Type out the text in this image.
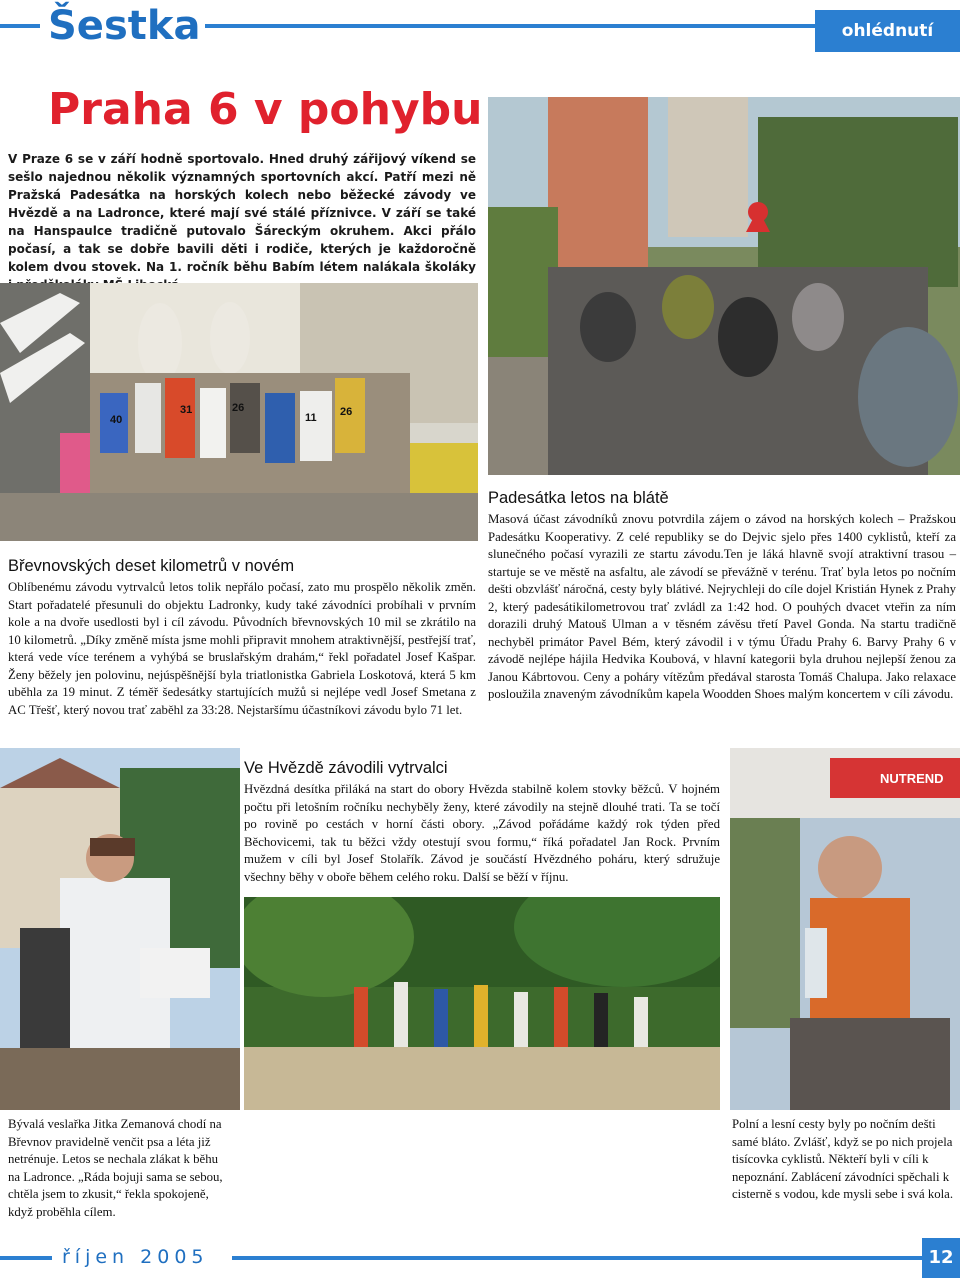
Šestka	ohlédnutí
Praha 6 v pohybu
V Praze 6 se v září hodně sportovalo. Hned druhý zářijový víkend se sešlo najednou několik významných sportovních akcí. Patří mezi ně Pražská Padesátka na horských kolech nebo běžecké závody ve Hvězdě a na Ladronce, které mají své stálé příznivce. V září se také na Hanspaulce tradičně putovalo Šáreckým okruhem. Akci přálo počasí, a tak se dobře bavili děti i rodiče, kterých je každoročně kolem dvou stovek. Na 1. ročník běhu Babím létem nalákala školáky
40
31	26
11 26
Břevnovských deset kilometrů v novém

Oblíbenému závodu vytrvalců letos tolik nepřálo počasí, zato mu prospělo několik změn. Start pořadatelé přesunuli do objektu Ladronky, kudy také závodníci probíhali v prvním kole a na dvoře usedlosti byl i cíl závodu. Původních břevnovských 10 mil se zkrátilo na 10 kilometrů. „Díky změně místa jsme mohli připravit mnohem atraktivnější, pestřejší trať, která vede více terénem a vyhýbá se bruslařským drahám,“ řekl pořadatel Josef Kašpar. Ženy běžely jen polovinu, nejúspěšnější byla triatlonistka Gabriela Loskotová, která 5 km uběhla za 19 minut. Z téměř šedesátky startujících mužů si nejlépe vedl Josef Smetana z AC Třešť, který novou trať zaběhl za 33:28. Nejstaršímu účastníkovi závodu bylo 71 let.

Padesátka letos na blátě

Masová účast závodníků znovu potvrdila zájem o závod na horských kolech – Pražskou Padesátku Kooperativy. Z celé republiky se do Dejvic sjelo přes 1400 cyklistů, kteří za slunečného počasí vyrazili ze startu závodu.Ten je láká hlavně svojí atraktivní trasou – startuje se ve městě na asfaltu, ale závodí se převážně v terénu. Trať byla letos po nočním dešti obzvlášť náročná, cesty byly blátivé. Nejrychleji do cíle dojel Kristián Hynek z Prahy 2, který padesátikilometrovou trať zvládl za 1:42 hod. O pouhých dvacet vteřin za ním dorazili druhý Matouš Ulman a v těsném závěsu třetí Pavel Gonda. Na startu tradičně nechyběl primátor Pavel Bém, který závodil i v týmu Úřadu Prahy 6. Barvy Prahy 6 v závodě nejlépe hájila Hedvika Koubová, v hlavní kategorii byla druhou nejlepší ženou za Janou Kábrtovou. Ceny a poháry vítězům předával starosta Tomáš Chalupa. Jako relaxace posloužila znaveným závodníkům kapela Woodden Shoes malým koncertem v cíli závodu.

Ve Hvězdě závodili vytrvalci

Hvězdná desítka přiláká na start do obory Hvězda stabilně kolem stovky běžců. V hojném počtu při letošním ročníku nechyběly ženy, které závodily na stejně dlouhé trati. Ta se točí po rovině po cestách v horní části obory. „Závod pořádáme každý rok týden před Běchovicemi, tak tu běžci vždy otestují svou formu,“ říká pořadatel Jan Rock. Prvním mužem v cíli byl Josef Stolařík. Závod je součástí Hvězdného poháru, který sdružuje všechny běhy v oboře během celého roku. Další se běží v říjnu.

NUTREND
Bývalá veslařka Jitka Zemanová chodí na Břevnov pravidelně venčit psa a léta již netrénuje. Letos se nechala zlákat k běhu na Ladronce. „Ráda bojuji sama se sebou, chtěla jsem to zkusit,“ řekla spokojeně, když proběhla cílem.
Polní a lesní cesty byly po nočním dešti samé bláto. Zvlášť, když se po nich projela tisícovka cyklistů. Někteří byli v cíli k nepoznání. Zablácení závodníci spěchali k cisterně s vodou, kde mysli sebe i svá kola.
říjen 2005	12
